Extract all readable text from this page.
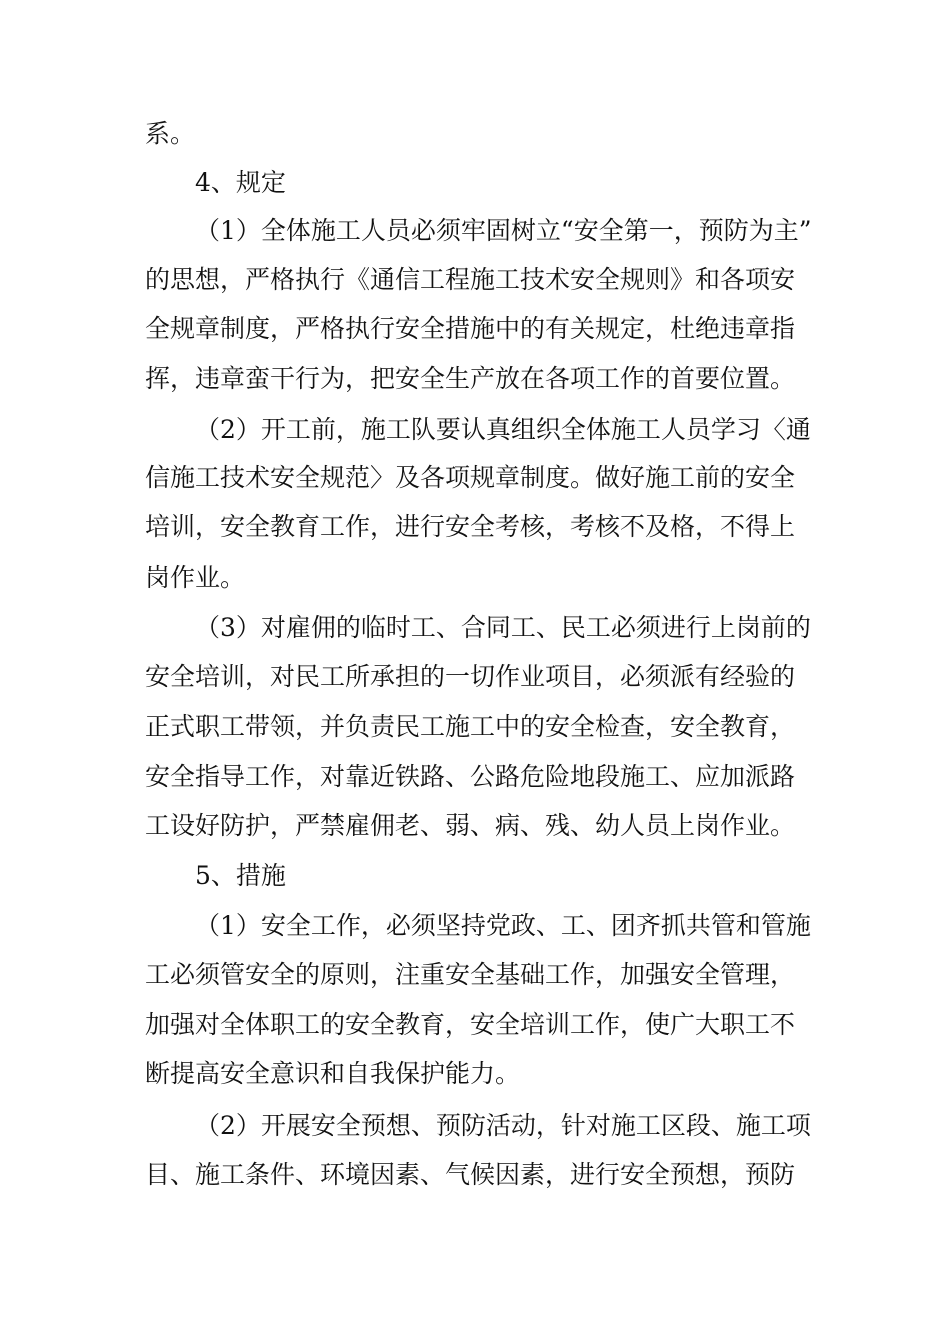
系。
4、规定
（1）全体施工人员必须牢固树立“安全第一，预防为主”
的思想，严格执行《通信工程施工技术安全规则》和各项安
全规章制度，严格执行安全措施中的有关规定，杜绝违章指
挥，违章蛮干行为，把安全生产放在各项工作的首要位置。
（2）开工前，施工队要认真组织全体施工人员学习〈通
信施工技术安全规范〉及各项规章制度。做好施工前的安全
培训，安全教育工作，进行安全考核，考核不及格，不得上
岗作业。
（3）对雇佣的临时工、合同工、民工必须进行上岗前的
安全培训，对民工所承担的一切作业项目，必须派有经验的
正式职工带领，并负责民工施工中的安全检查，安全教育，
安全指导工作，对靠近铁路、公路危险地段施工、应加派路
工设好防护，严禁雇佣老、弱、病、残、幼人员上岗作业。
5、措施
（1）安全工作，必须坚持党政、工、团齐抓共管和管施
工必须管安全的原则，注重安全基础工作，加强安全管理，
加强对全体职工的安全教育，安全培训工作，使广大职工不
断提高安全意识和自我保护能力。
（2）开展安全预想、预防活动，针对施工区段、施工项
目、施工条件、环境因素、气候因素，进行安全预想，预防
